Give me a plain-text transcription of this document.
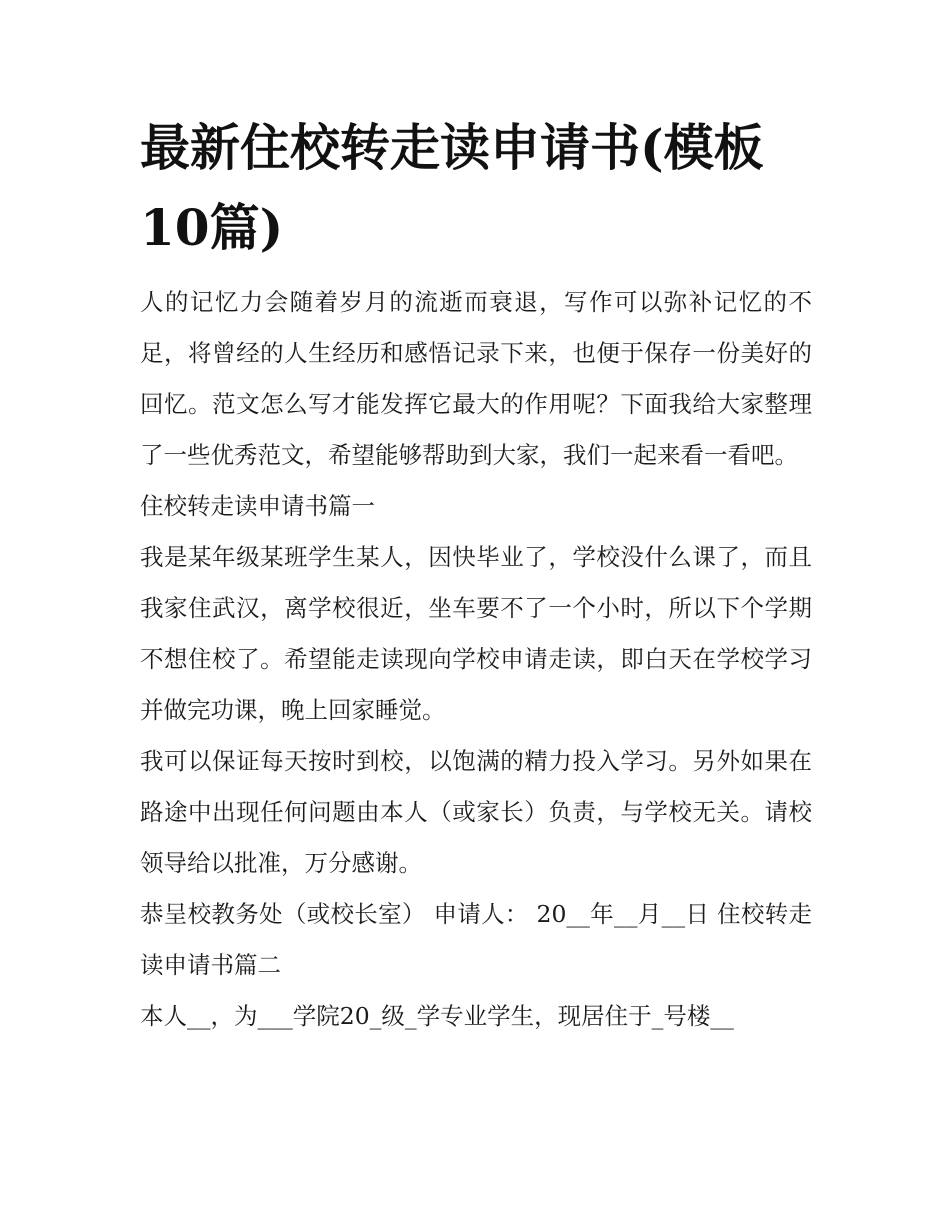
最新住校转走读申请书(模板10篇)

人的记忆力会随着岁月的流逝而衰退，写作可以弥补记忆的不足，将曾经的人生经历和感悟记录下来，也便于保存一份美好的回忆。范文怎么写才能发挥它最大的作用呢？下面我给大家整理了一些优秀范文，希望能够帮助到大家，我们一起来看一看吧。

住校转走读申请书篇一

我是某年级某班学生某人，因快毕业了，学校没什么课了，而且我家住武汉，离学校很近，坐车要不了一个小时，所以下个学期不想住校了。希望能走读现向学校申请走读，即白天在学校学习并做完功课，晚上回家睡觉。

我可以保证每天按时到校，以饱满的精力投入学习。另外如果在路途中出现任何问题由本人（或家长）负责，与学校无关。请校领导给以批准，万分感谢。

恭呈校教务处（或校长室） 申请人： 20__年__月__日 住校转走读申请书篇二

本人__，为___学院20_级_学专业学生，现居住于_号楼__
